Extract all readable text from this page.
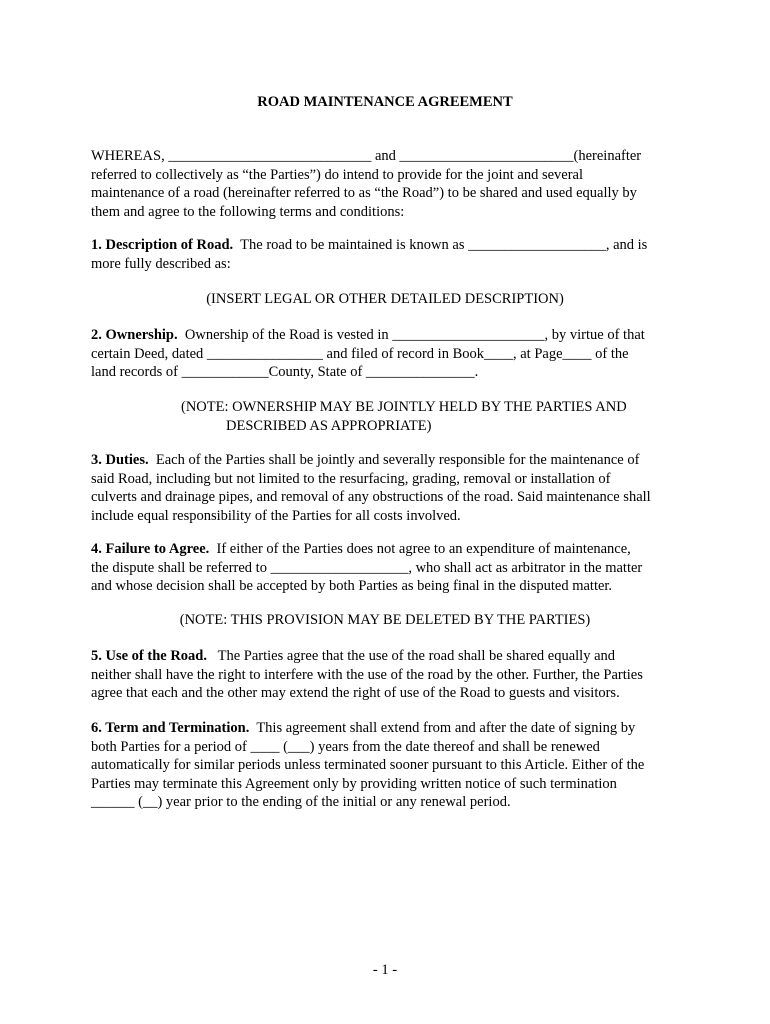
ROAD MAINTENANCE AGREEMENT
WHEREAS, ____________________________ and ________________________(hereinafter
referred to collectively as “the Parties”) do intend to provide for the joint and several
maintenance of a road (hereinafter referred to as “the Road”) to be shared and used equally by
them and agree to the following terms and conditions:
1. Description of Road.  The road to be maintained is known as ___________________, and is
more fully described as:
(INSERT LEGAL OR OTHER DETAILED DESCRIPTION)
2. Ownership.  Ownership of the Road is vested in _____________________, by virtue of that
certain Deed, dated ________________ and filed of record in Book____, at Page____ of the
land records of ____________County, State of _______________.
(NOTE: OWNERSHIP MAY BE JOINTLY HELD BY THE PARTIES AND
DESCRIBED AS APPROPRIATE)
3. Duties.  Each of the Parties shall be jointly and severally responsible for the maintenance of
said Road, including but not limited to the resurfacing, grading, removal or installation of
culverts and drainage pipes, and removal of any obstructions of the road. Said maintenance shall
include equal responsibility of the Parties for all costs involved.
4. Failure to Agree.  If either of the Parties does not agree to an expenditure of maintenance,
the dispute shall be referred to ___________________, who shall act as arbitrator in the matter
and whose decision shall be accepted by both Parties as being final in the disputed matter.
(NOTE: THIS PROVISION MAY BE DELETED BY THE PARTIES)
5. Use of the Road.   The Parties agree that the use of the road shall be shared equally and
neither shall have the right to interfere with the use of the road by the other. Further, the Parties
agree that each and the other may extend the right of use of the Road to guests and visitors.
6. Term and Termination.  This agreement shall extend from and after the date of signing by
both Parties for a period of ____ (___) years from the date thereof and shall be renewed
automatically for similar periods unless terminated sooner pursuant to this Article. Either of the
Parties may terminate this Agreement only by providing written notice of such termination
______ (__) year prior to the ending of the initial or any renewal period.
- 1 -
